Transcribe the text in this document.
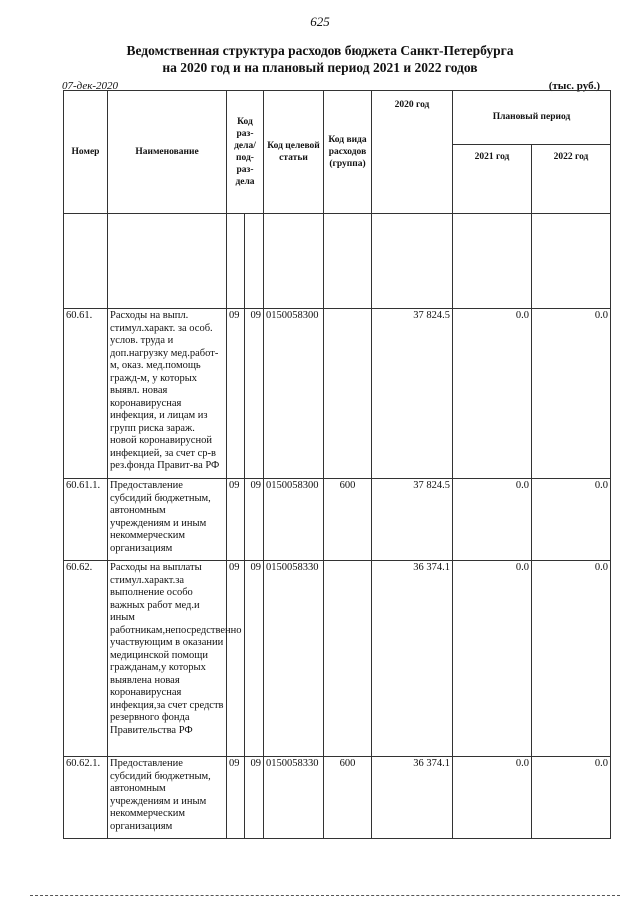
625
Ведомственная структура расходов бюджета Санкт-Петербурга
на 2020 год и на плановый период 2021 и 2022 годов
07-дек-2020	(тыс. руб.)
Номер	Наименование	Код раз-дела/ под-раз-дела		Код целевой статьи	Код вида расходов (группа)	2020 год	Плановый период	
							2021 год	2022 год

60.61.	Расходы на выпл. стимул.характ. за особ. услов. труда и доп.нагрузку мед.работ-м, оказ. мед.помощь гражд-м, у которых выявл. новая коронавирусная инфекция, и лицам из групп риска зараж. новой коронавирусной инфекцией, за счет ср-в рез.фонда Правит-ва РФ	09	09	0150058300		37 824.5	0.0	0.0
60.61.1.	Предоставление субсидий бюджетным, автономным учреждениям и иным некоммерческим организациям	09	09	0150058300	600	37 824.5	0.0	0.0
60.62.	Расходы на выплаты стимул.характ.за выполнение особо важных работ мед.и иным работникам,непосредственно участвующим в оказании медицинской помощи гражданам,у которых выявлена новая коронавирусная инфекция,за счет средств резервного фонда Правительства РФ	09	09	0150058330		36 374.1	0.0	0.0
60.62.1.	Предоставление субсидий бюджетным, автономным учреждениям и иным некоммерческим организациям	09	09	0150058330	600	36 374.1	0.0	0.0
